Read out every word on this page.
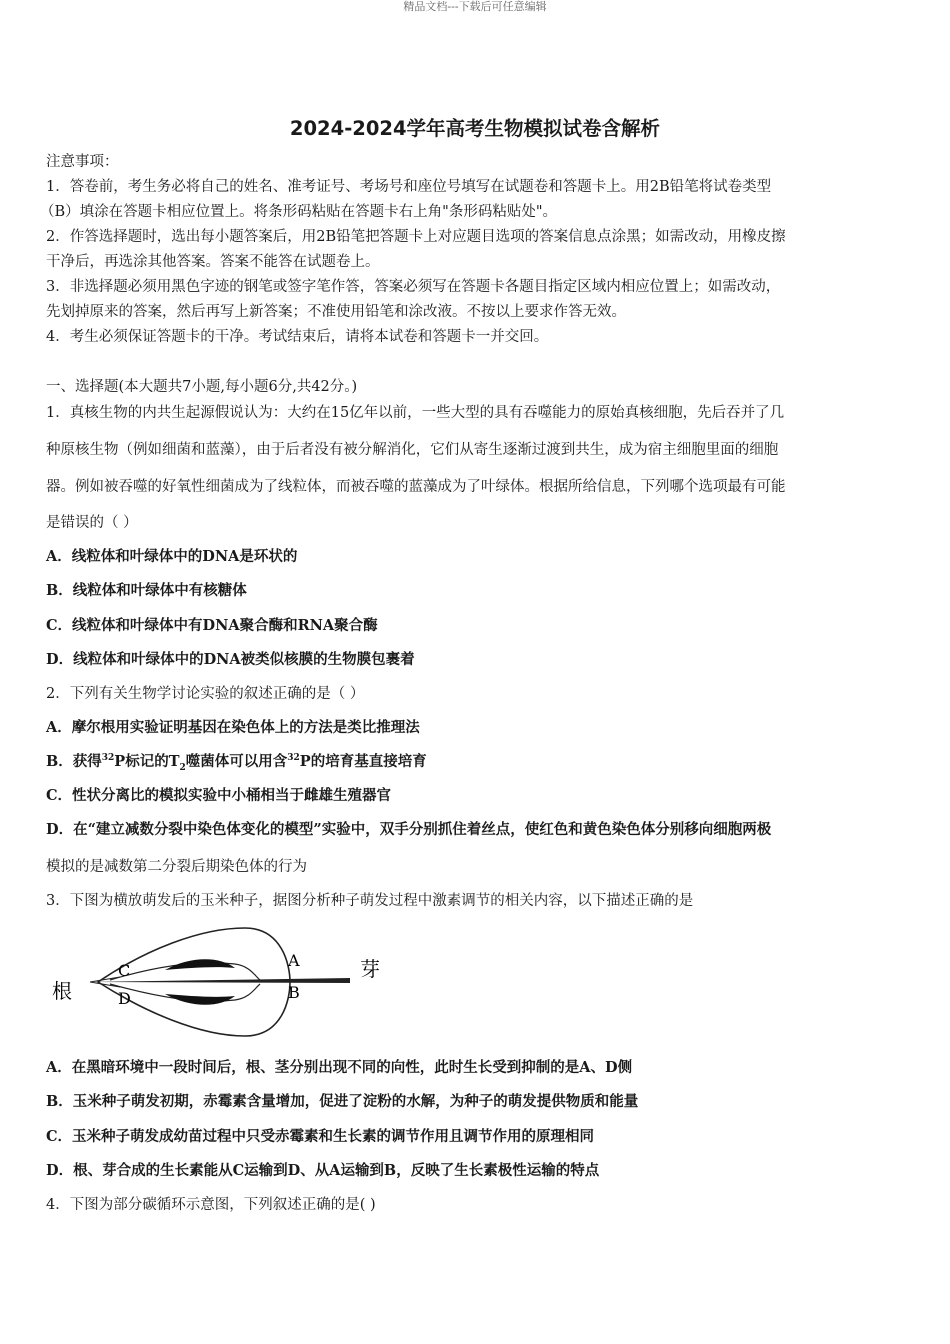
精品文档---下载后可任意编辑
2024-2024学年高考生物模拟试卷含解析
注意事项：
1．答卷前，考生务必将自己的姓名、准考证号、考场号和座位号填写在试题卷和答题卡上。用2B铅笔将试卷类型
（B）填涂在答题卡相应位置上。将条形码粘贴在答题卡右上角"条形码粘贴处"。
2．作答选择题时，选出每小题答案后，用2B铅笔把答题卡上对应题目选项的答案信息点涂黑；如需改动，用橡皮擦
干净后，再选涂其他答案。答案不能答在试题卷上。
3．非选择题必须用黑色字迹的钢笔或签字笔作答，答案必须写在答题卡各题目指定区域内相应位置上；如需改动，
先划掉原来的答案，然后再写上新答案；不准使用铅笔和涂改液。不按以上要求作答无效。
4．考生必须保证答题卡的干净。考试结束后，请将本试卷和答题卡一并交回。
一、选择题(本大题共7小题,每小题6分,共42分。)
1．真核生物的内共生起源假说认为：大约在15亿年以前，一些大型的具有吞噬能力的原始真核细胞，先后吞并了几
种原核生物（例如细菌和蓝藻），由于后者没有被分解消化，它们从寄生逐渐过渡到共生，成为宿主细胞里面的细胞
器。例如被吞噬的好氧性细菌成为了线粒体，而被吞噬的蓝藻成为了叶绿体。根据所给信息，下列哪个选项最有可能
是错误的（ ）
A．线粒体和叶绿体中的DNA是环状的
B．线粒体和叶绿体中有核糖体
C．线粒体和叶绿体中有DNA聚合酶和RNA聚合酶
D．线粒体和叶绿体中的DNA被类似核膜的生物膜包裹着
2．下列有关生物学讨论实验的叙述正确的是（ ）
A．摩尔根用实验证明基因在染色体上的方法是类比推理法
B．获得$^{32}$P标记的$T_2$噬菌体可以用含$^{32}$P的培育基直接培育
C．性状分离比的模拟实验中小桶相当于雌雄生殖器官
D．在“建立减数分裂中染色体变化的模型”实验中，双手分别抓住着丝点，使红色和黄色染色体分别移向细胞两极
模拟的是减数第二分裂后期染色体的行为
3．下图为横放萌发后的玉米种子，据图分析种子萌发过程中激素调节的相关内容，以下描述正确的是
根
芽
C
D
A
B
A．在黑暗环境中一段时间后，根、茎分别出现不同的向性，此时生长受到抑制的是A、D侧
B．玉米种子萌发初期，赤霉素含量增加，促进了淀粉的水解，为种子的萌发提供物质和能量
C．玉米种子萌发成幼苗过程中只受赤霉素和生长素的调节作用且调节作用的原理相同
D．根、芽合成的生长素能从C运输到D、从A运输到B，反映了生长素极性运输的特点
4．下图为部分碳循环示意图，下列叙述正确的是( )
